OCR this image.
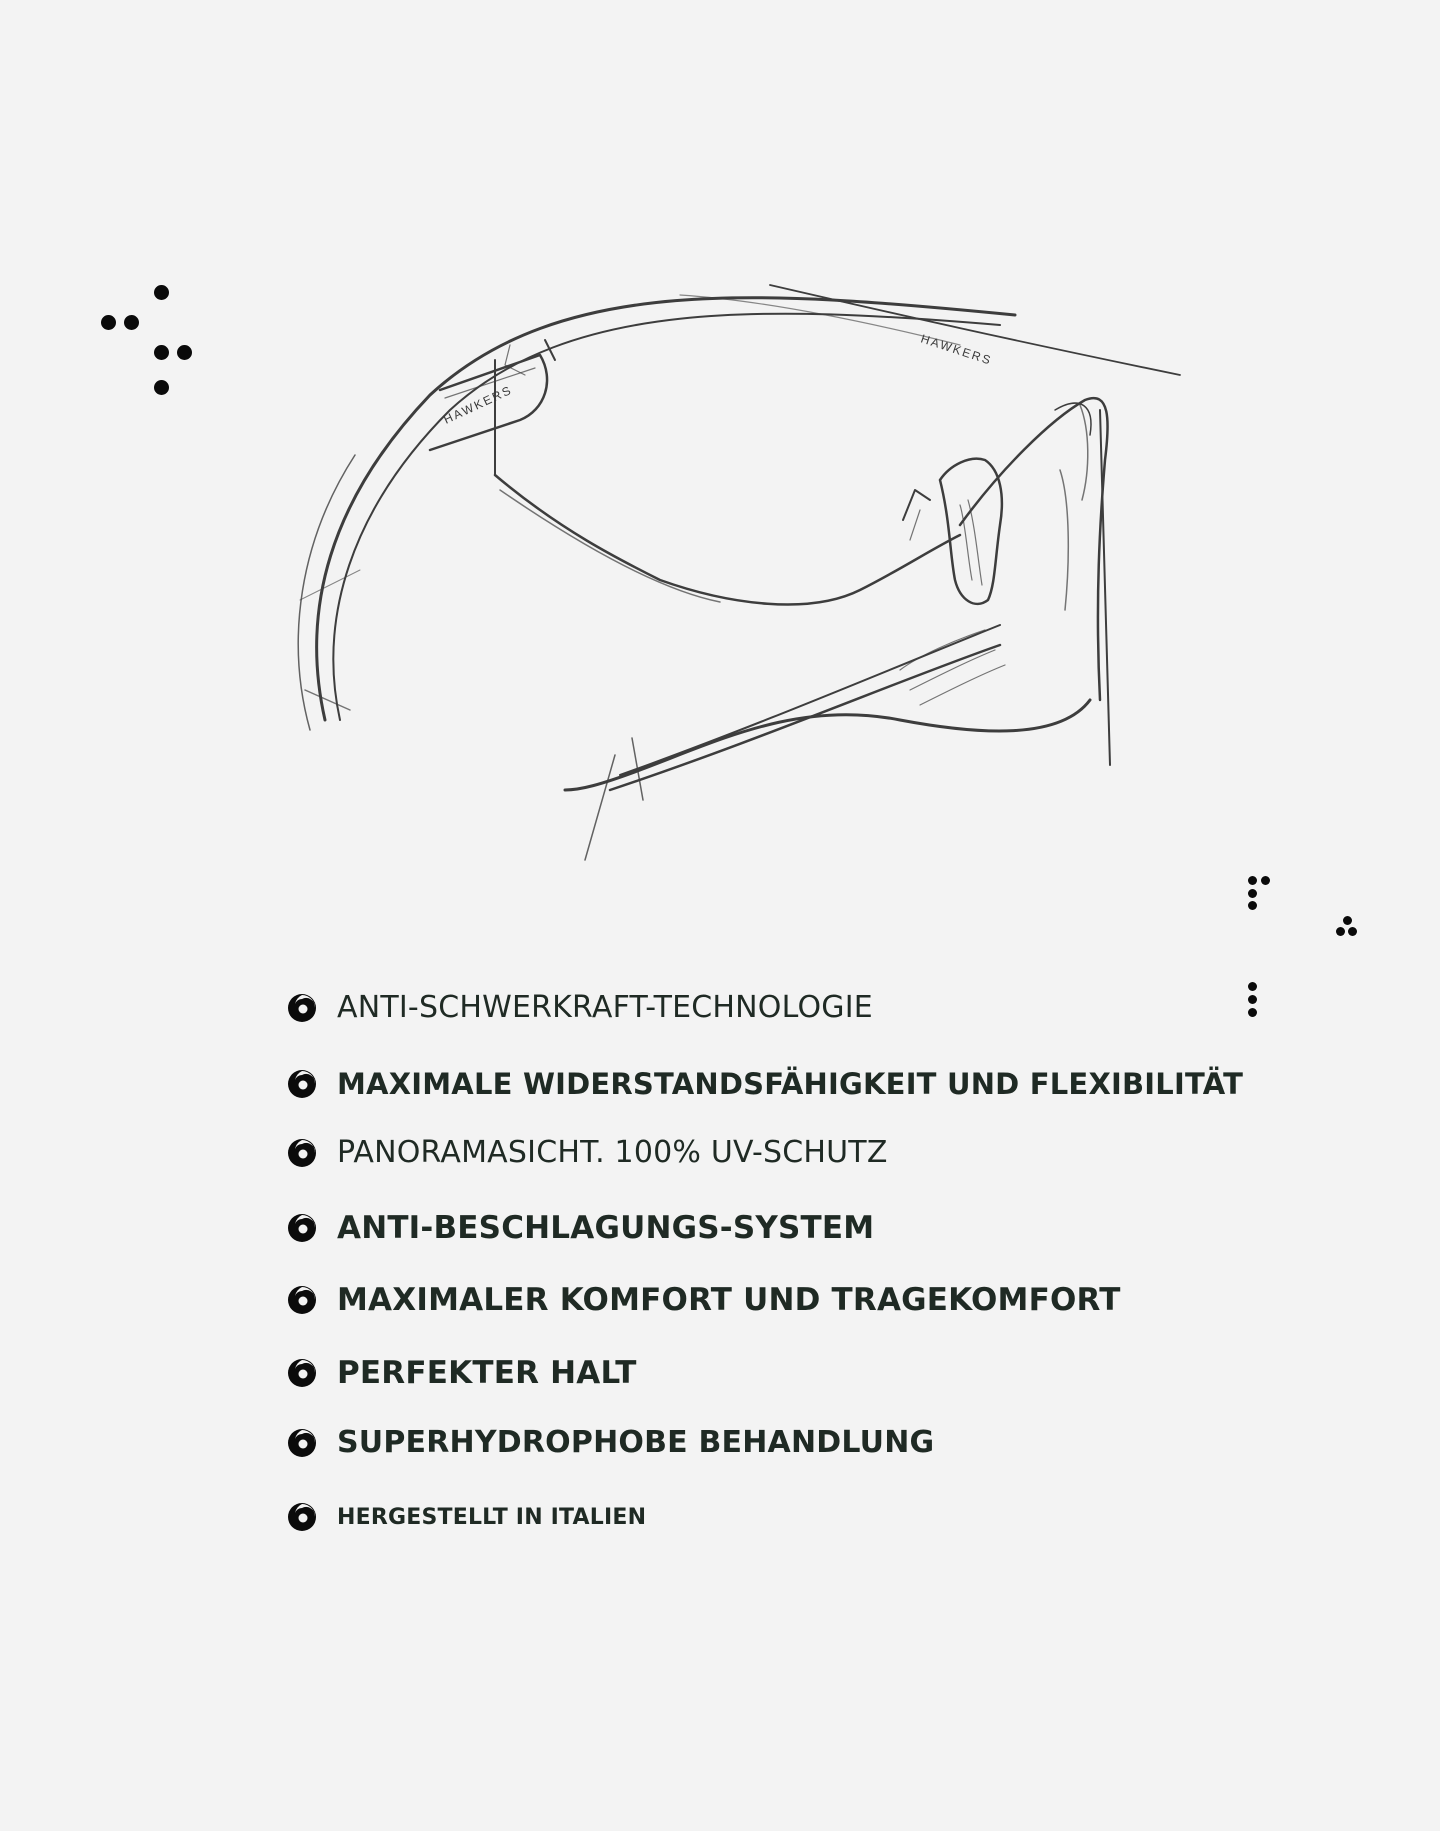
HAWKERS
HAWKERS
ANTI-SCHWERKRAFT-TECHNOLOGIE
MAXIMALE WIDERSTANDSFÄHIGKEIT UND FLEXIBILITÄT
PANORAMASICHT. 100% UV-SCHUTZ
ANTI-BESCHLAGUNGS-SYSTEM
MAXIMALER KOMFORT UND TRAGEKOMFORT
PERFEKTER HALT
SUPERHYDROPHOBE BEHANDLUNG
HERGESTELLT IN ITALIEN
